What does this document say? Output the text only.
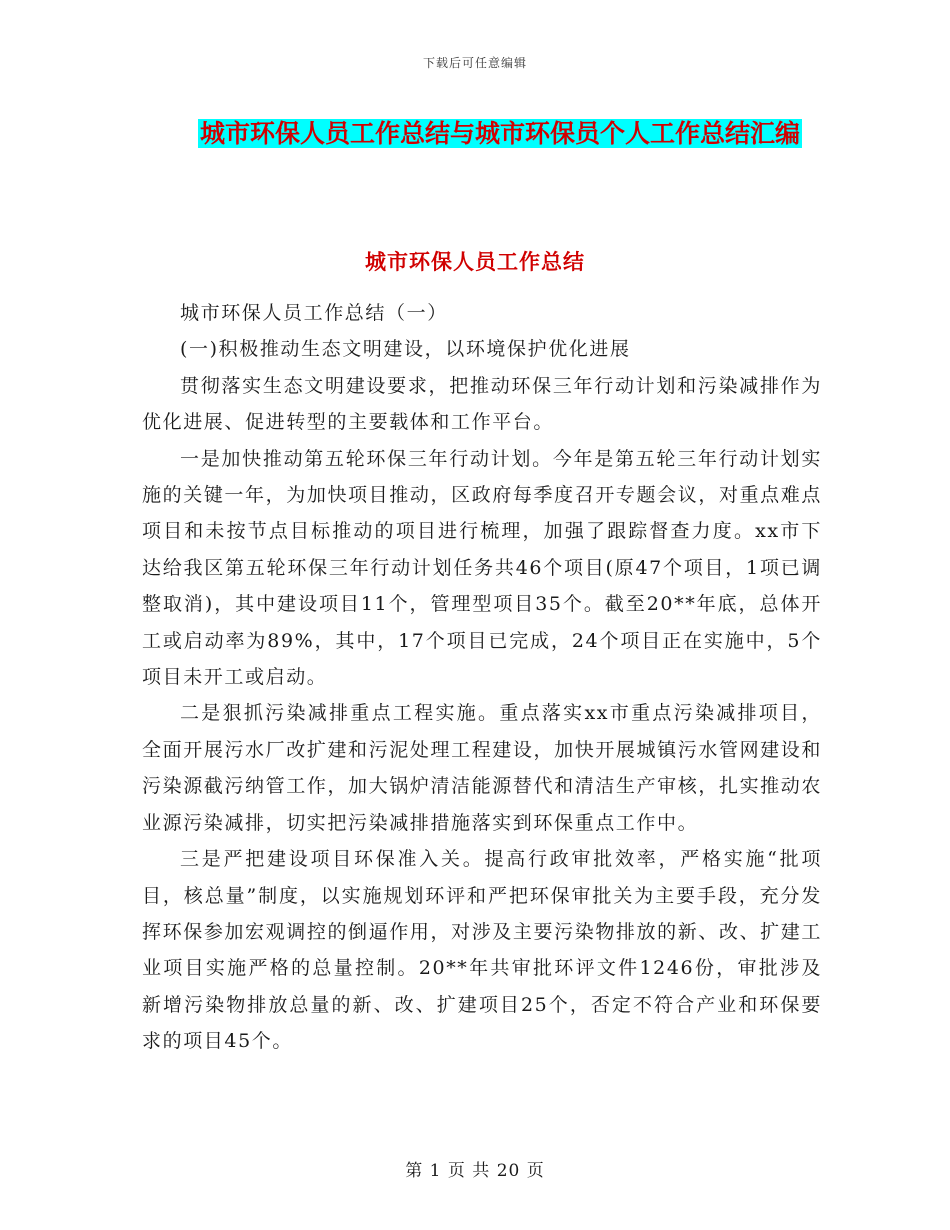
下载后可任意编辑
城市环保人员工作总结与城市环保员个人工作总结汇编
城市环保人员工作总结

城市环保人员工作总结（一）

(一)积极推动生态文明建设，以环境保护优化进展

贯彻落实生态文明建设要求，把推动环保三年行动计划和污染减排作为优化进展、促进转型的主要载体和工作平台。

一是加快推动第五轮环保三年行动计划。今年是第五轮三年行动计划实施的关键一年，为加快项目推动，区政府每季度召开专题会议，对重点难点项目和未按节点目标推动的项目进行梳理，加强了跟踪督查力度。xx市下达给我区第五轮环保三年行动计划任务共46个项目(原47个项目，1项已调整取消)，其中建设项目11个，管理型项目35个。截至20**年底，总体开工或启动率为89%，其中，17个项目已完成，24个项目正在实施中，5个项目未开工或启动。

二是狠抓污染减排重点工程实施。重点落实xx市重点污染减排项目，全面开展污水厂改扩建和污泥处理工程建设，加快开展城镇污水管网建设和污染源截污纳管工作，加大锅炉清洁能源替代和清洁生产审核，扎实推动农业源污染减排，切实把污染减排措施落实到环保重点工作中。

三是严把建设项目环保准入关。提高行政审批效率，严格实施“批项目，核总量”制度，以实施规划环评和严把环保审批关为主要手段，充分发挥环保参加宏观调控的倒逼作用，对涉及主要污染物排放的新、改、扩建工业项目实施严格的总量控制。20**年共审批环评文件1246份，审批涉及新增污染物排放总量的新、改、扩建项目25个，否定不符合产业和环保要求的项目45个。

第 1 页 共 20 页
